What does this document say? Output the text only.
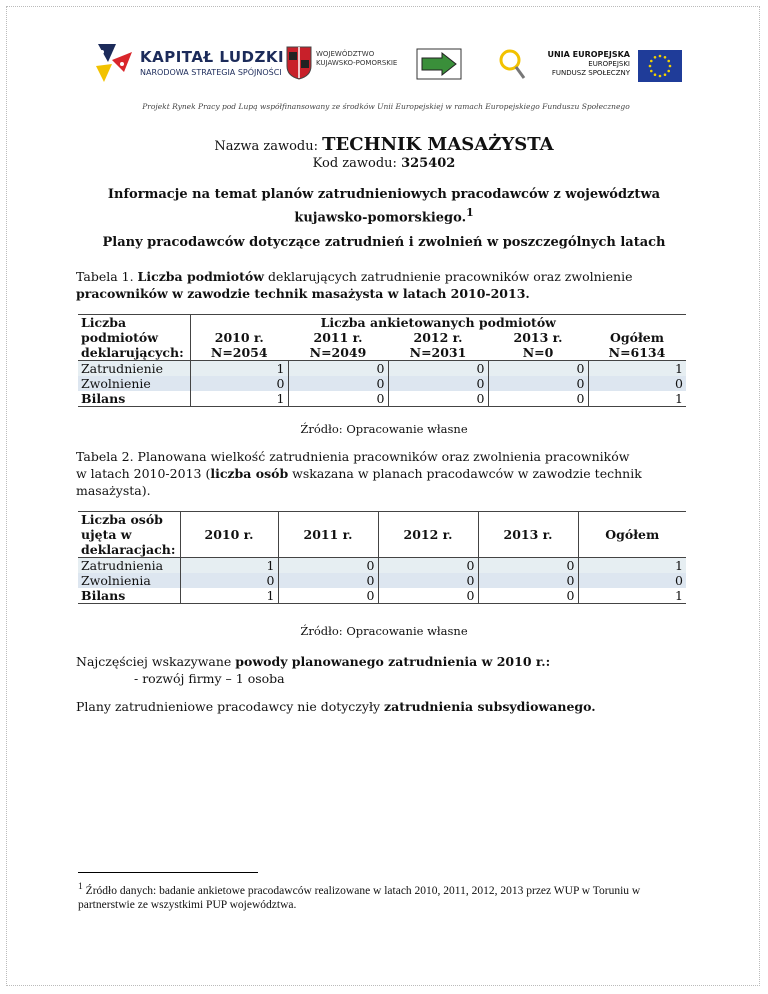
KAPITAŁ LUDZKI
NARODOWA STRATEGIA SPÓJNOŚCI
WOJEWÓDZTWO
KUJAWSKO-POMORSKIE
UNIA EUROPEJSKA
EUROPEJSKI
FUNDUSZ SPOŁECZNY
Projekt Rynek Pracy pod Lupą współfinansowany ze środków Unii Europejskiej w ramach Europejskiego Funduszu Społecznego
Nazwa zawodu: TECHNIK MASAŻYSTA
Kod zawodu: 325402
Informacje na temat planów zatrudnieniowych pracodawców z województwa
kujawsko-pomorskiego.$^1$
Plany pracodawców dotyczące zatrudnień i zwolnień w poszczególnych latach
Tabela 1. Liczba podmiotów deklarujących zatrudnienie pracowników oraz zwolnienie
pracowników w zawodzie technik masażysta w latach 2010-2013.
Liczba	Liczba ankietowanych podmiotów				
podmiotów	2010 r.	2011 r.	2012 r.	2013 r.	Ogółem
deklarujących:	N=2054	N=2049	N=2031	N=0	N=6134
Zatrudnienie	1	0	0	0	1
Zwolnienie	0	0	0	0	0
Bilans	1	0	0	0	1
Źródło: Opracowanie własne
Tabela 2. Planowana wielkość zatrudnienia pracowników oraz zwolnienia pracowników
w latach 2010-2013 (liczba osób wskazana w planach pracodawców w zawodzie technik
masażysta).
Liczba osób	2010 r.	2011 r.	2012 r.	2013 r.	Ogółem
ujęta w					
deklaracjach:					
Zatrudnienia	1	0	0	0	1
Zwolnienia	0	0	0	0	0
Bilans	1	0	0	0	1
Źródło: Opracowanie własne
Najczęściej wskazywane powody planowanego zatrudnienia w 2010 r.:
- rozwój firmy – 1 osoba
Plany zatrudnieniowe pracodawcy nie dotyczyły zatrudnienia subsydiowanego.
$^1$ Źródło danych: badanie ankietowe pracodawców realizowane w latach 2010, 2011, 2012, 2013 przez WUP w Toruniu w partnerstwie ze wszystkimi PUP województwa.
